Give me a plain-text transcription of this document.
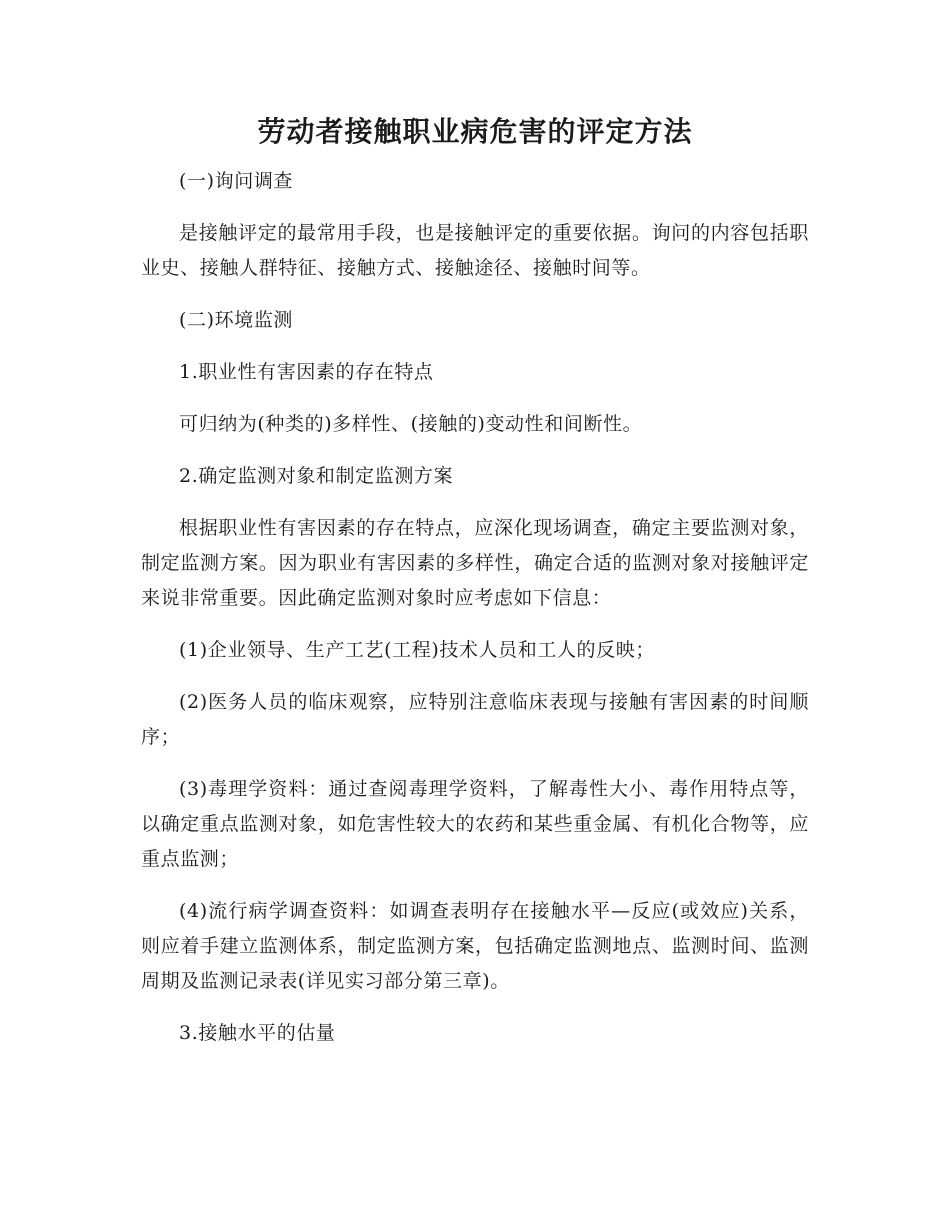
劳动者接触职业病危害的评定方法

(一)询问调查

是接触评定的最常用手段，也是接触评定的重要依据。询问的内容包括职业史、接触人群特征、接触方式、接触途径、接触时间等。

(二)环境监测

1.职业性有害因素的存在特点

可归纳为(种类的)多样性、(接触的)变动性和间断性。

2.确定监测对象和制定监测方案

根据职业性有害因素的存在特点，应深化现场调查，确定主要监测对象，制定监测方案。因为职业有害因素的多样性，确定合适的监测对象对接触评定来说非常重要。因此确定监测对象时应考虑如下信息：

(1)企业领导、生产工艺(工程)技术人员和工人的反映；

(2)医务人员的临床观察，应特别注意临床表现与接触有害因素的时间顺序；

(3)毒理学资料：通过查阅毒理学资料，了解毒性大小、毒作用特点等，以确定重点监测对象，如危害性较大的农药和某些重金属、有机化合物等，应重点监测；

(4)流行病学调查资料：如调查表明存在接触水平—反应(或效应)关系，则应着手建立监测体系，制定监测方案，包括确定监测地点、监测时间、监测周期及监测记录表(详见实习部分第三章)。

3.接触水平的估量
